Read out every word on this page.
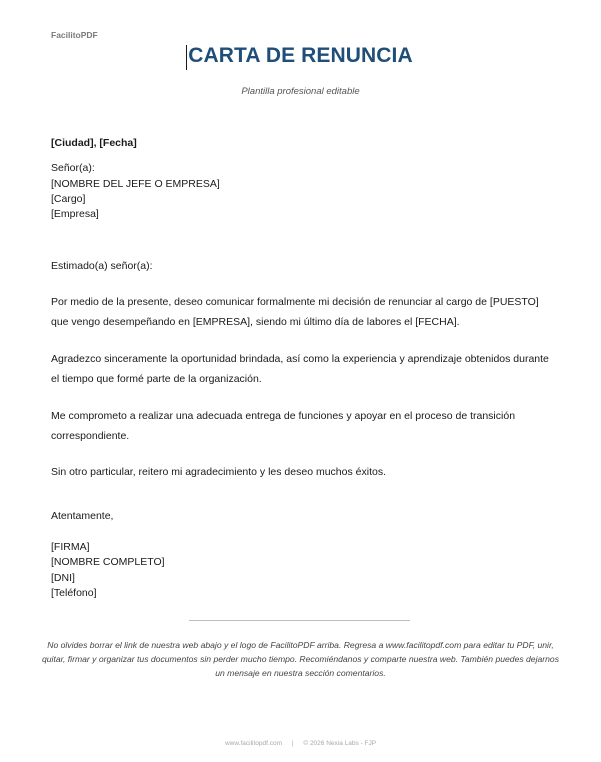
FacilitoPDF
CARTA DE RENUNCIA
Plantilla profesional editable
[Ciudad], [Fecha]
Señor(a):
[NOMBRE DEL JEFE O EMPRESA]
[Cargo]
[Empresa]
Estimado(a) señor(a):
Por medio de la presente, deseo comunicar formalmente mi decisión de renunciar al cargo de [PUESTO] que vengo desempeñando en [EMPRESA], siendo mi último día de labores el [FECHA].
Agradezco sinceramente la oportunidad brindada, así como la experiencia y aprendizaje obtenidos durante el tiempo que formé parte de la organización.
Me comprometo a realizar una adecuada entrega de funciones y apoyar en el proceso de transición correspondiente.
Sin otro particular, reitero mi agradecimiento y les deseo muchos éxitos.
Atentamente,
[FIRMA]
[NOMBRE COMPLETO]
[DNI]
[Teléfono]
No olvides borrar el link de nuestra web abajo y el logo de FacilitoPDF arriba. Regresa a www.facilitopdf.com para editar tu PDF, unir, quitar, firmar y organizar tus documentos sin perder mucho tiempo. Recomiéndanos y comparte nuestra web. También puedes dejarnos un mensaje en nuestra sección comentarios.
www.facilitopdf.com | © 2026 Nexia Labs - FJP
